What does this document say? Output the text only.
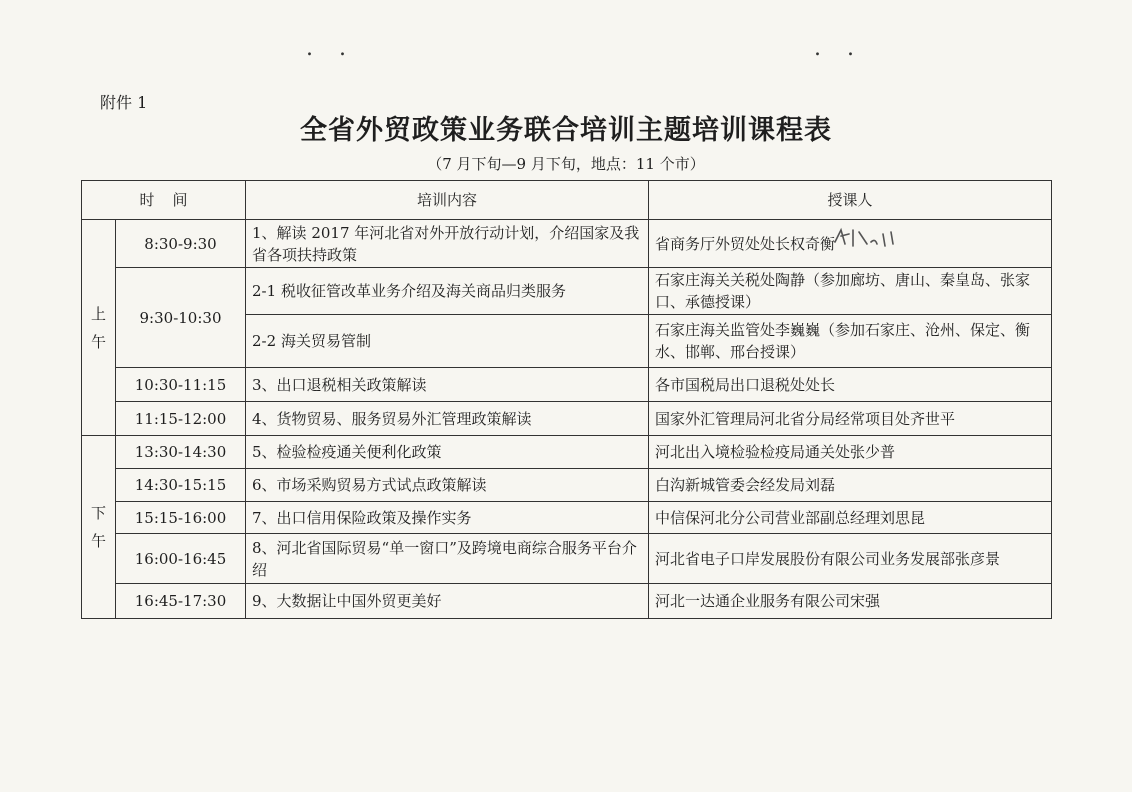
..	..
附件 1
全省外贸政策业务联合培训主题培训课程表
（7 月下旬—9 月下旬，地点：11 个市）
时间		培训内容	授课人

上
午	8:30-9:30	1、解读 2017 年河北省对外开放行动计划，介绍国家及我省各项扶持政策	省商务厅外贸处处长权奇衡

	9:30-10:30	2-1 税收征管改革业务介绍及海关商品归类服务	石家庄海关关税处陶静（参加廊坊、唐山、秦皇岛、张家口、承德授课）
		2-2 海关贸易管制	石家庄海关监管处李巍巍（参加石家庄、沧州、保定、衡水、邯郸、邢台授课）
	10:30-11:15	3、出口退税相关政策解读	各市国税局出口退税处处长
	11:15-12:00	4、货物贸易、服务贸易外汇管理政策解读	国家外汇管理局河北省分局经常项目处齐世平

下
午	13:30-14:30	5、检验检疫通关便利化政策	河北出入境检验检疫局通关处张少普
	14:30-15:15	6、市场采购贸易方式试点政策解读	白沟新城管委会经发局刘磊
	15:15-16:00	7、出口信用保险政策及操作实务	中信保河北分公司营业部副总经理刘思昆
	16:00-16:45	8、河北省国际贸易“单一窗口”及跨境电商综合服务平台介绍	河北省电子口岸发展股份有限公司业务发展部张彦景
	16:45-17:30	9、大数据让中国外贸更美好	河北一达通企业服务有限公司宋强
